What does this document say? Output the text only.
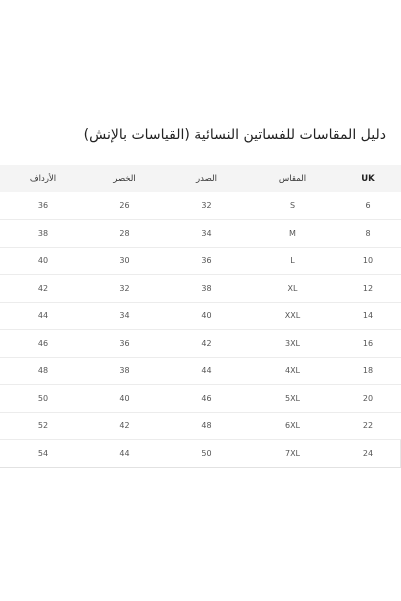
دليل المقاسات للفساتين النسائية (القياسات بالإنش)
الأرداف	الخصر	الصدر	المقاس	UK
36	26	32	S	6
38	28	34	M	8
40	30	36	L	10
42	32	38	XL	12
44	34	40	XXL	14
46	36	42	3XL	16
48	38	44	4XL	18
50	40	46	5XL	20
52	42	48	6XL	22
54	44	50	7XL	24
